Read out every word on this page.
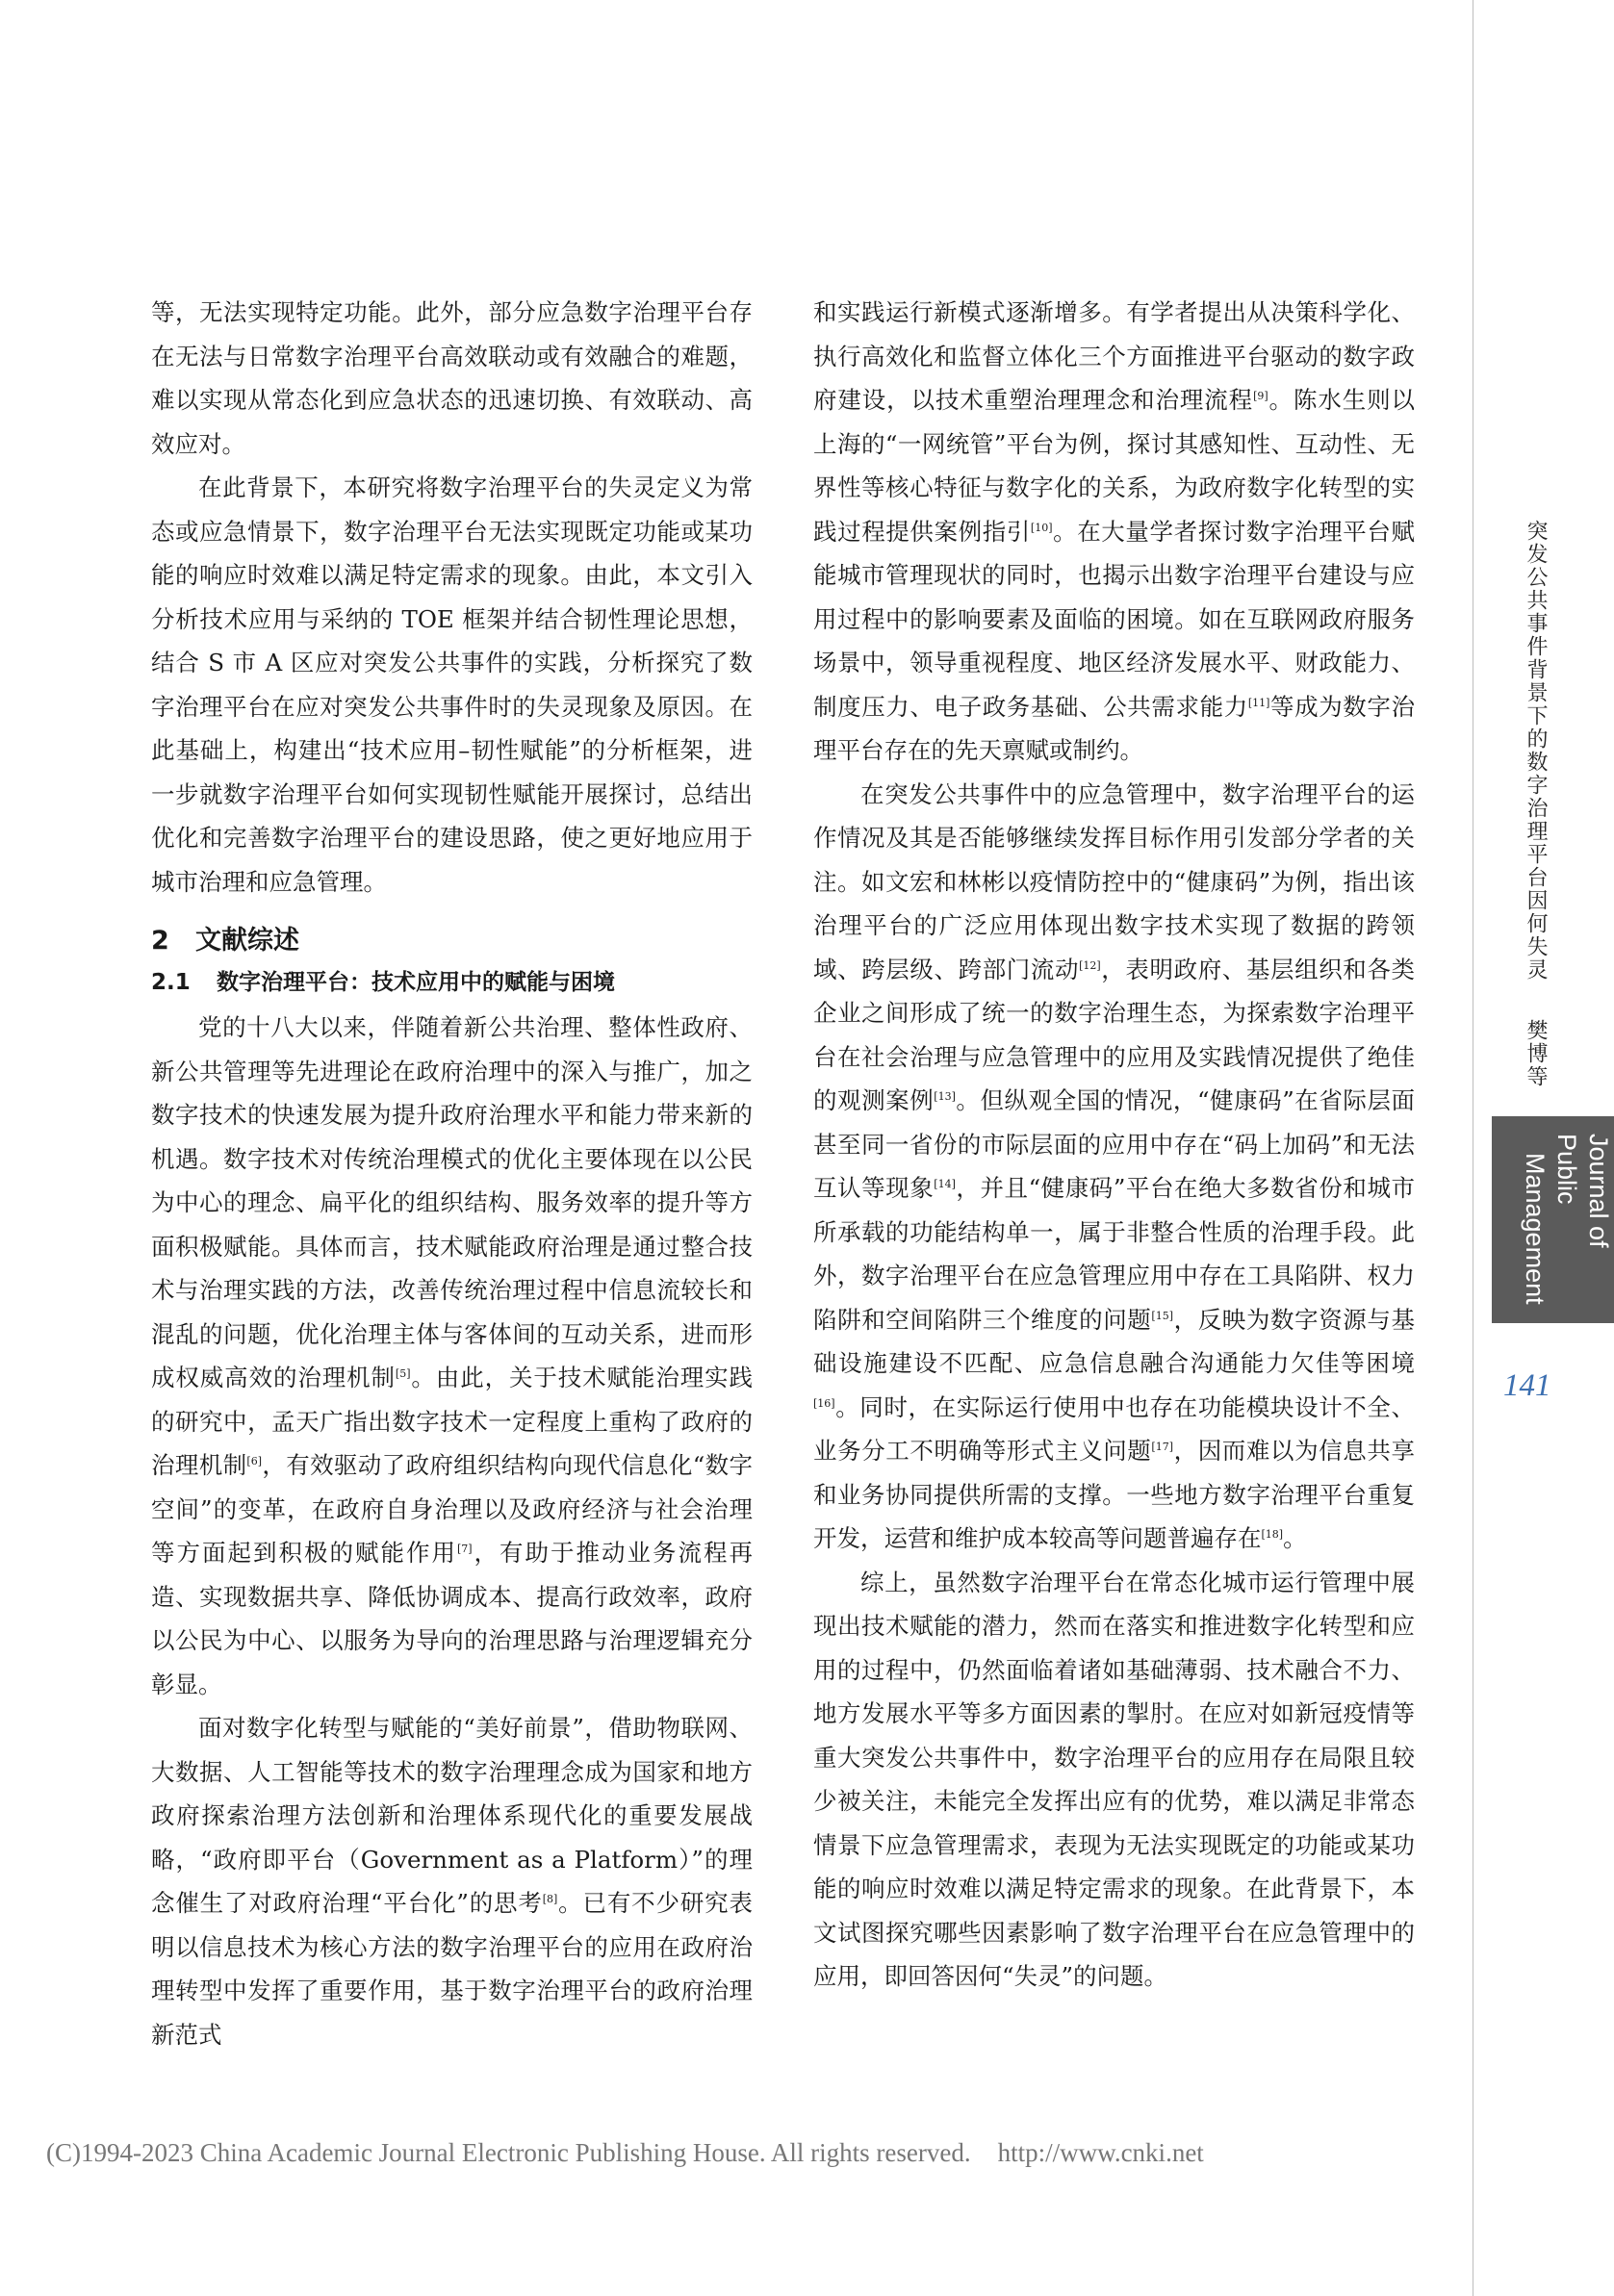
等，无法实现特定功能。此外，部分应急数字治理平台存在无法与日常数字治理平台高效联动或有效融合的难题，难以实现从常态化到应急状态的迅速切换、有效联动、高效应对。

在此背景下，本研究将数字治理平台的失灵定义为常态或应急情景下，数字治理平台无法实现既定功能或某功能的响应时效难以满足特定需求的现象。由此，本文引入分析技术应用与采纳的 TOE 框架并结合韧性理论思想，结合 S 市 A 区应对突发公共事件的实践，分析探究了数字治理平台在应对突发公共事件时的失灵现象及原因。在此基础上，构建出“技术应用–韧性赋能”的分析框架，进一步就数字治理平台如何实现韧性赋能开展探讨，总结出优化和完善数字治理平台的建设思路，使之更好地应用于城市治理和应急管理。

2 文献综述
2.1 数字治理平台：技术应用中的赋能与困境

党的十八大以来，伴随着新公共治理、整体性政府、新公共管理等先进理论在政府治理中的深入与推广，加之数字技术的快速发展为提升政府治理水平和能力带来新的机遇。数字技术对传统治理模式的优化主要体现在以公民为中心的理念、扁平化的组织结构、服务效率的提升等方面积极赋能。具体而言，技术赋能政府治理是通过整合技术与治理实践的方法，改善传统治理过程中信息流较长和混乱的问题，优化治理主体与客体间的互动关系，进而形成权威高效的治理机制[5]。由此，关于技术赋能治理实践的研究中，孟天广指出数字技术一定程度上重构了政府的治理机制[6]，有效驱动了政府组织结构向现代信息化“数字空间”的变革，在政府自身治理以及政府经济与社会治理等方面起到积极的赋能作用[7]，有助于推动业务流程再造、实现数据共享、降低协调成本、提高行政效率，政府以公民为中心、以服务为导向的治理思路与治理逻辑充分彰显。

面对数字化转型与赋能的“美好前景”，借助物联网、大数据、人工智能等技术的数字治理理念成为国家和地方政府探索治理方法创新和治理体系现代化的重要发展战略，“政府即平台（Government as a Platform）”的理念催生了对政府治理“平台化”的思考[8]。已有不少研究表明以信息技术为核心方法的数字治理平台的应用在政府治理转型中发挥了重要作用，基于数字治理平台的政府治理新范式

和实践运行新模式逐渐增多。有学者提出从决策科学化、执行高效化和监督立体化三个方面推进平台驱动的数字政府建设，以技术重塑治理理念和治理流程[9]。陈水生则以上海的“一网统管”平台为例，探讨其感知性、互动性、无界性等核心特征与数字化的关系，为政府数字化转型的实践过程提供案例指引[10]。在大量学者探讨数字治理平台赋能城市管理现状的同时，也揭示出数字治理平台建设与应用过程中的影响要素及面临的困境。如在互联网政府服务场景中，领导重视程度、地区经济发展水平、财政能力、制度压力、电子政务基础、公共需求能力[11]等成为数字治理平台存在的先天禀赋或制约。

在突发公共事件中的应急管理中，数字治理平台的运作情况及其是否能够继续发挥目标作用引发部分学者的关注。如文宏和林彬以疫情防控中的“健康码”为例，指出该治理平台的广泛应用体现出数字技术实现了数据的跨领域、跨层级、跨部门流动[12]，表明政府、基层组织和各类企业之间形成了统一的数字治理生态，为探索数字治理平台在社会治理与应急管理中的应用及实践情况提供了绝佳的观测案例[13]。但纵观全国的情况，“健康码”在省际层面甚至同一省份的市际层面的应用中存在“码上加码”和无法互认等现象[14]，并且“健康码”平台在绝大多数省份和城市所承载的功能结构单一，属于非整合性质的治理手段。此外，数字治理平台在应急管理应用中存在工具陷阱、权力陷阱和空间陷阱三个维度的问题[15]，反映为数字资源与基础设施建设不匹配、应急信息融合沟通能力欠佳等困境[16]。同时，在实际运行使用中也存在功能模块设计不全、业务分工不明确等形式主义问题[17]，因而难以为信息共享和业务协同提供所需的支撑。一些地方数字治理平台重复开发，运营和维护成本较高等问题普遍存在[18]。

综上，虽然数字治理平台在常态化城市运行管理中展现出技术赋能的潜力，然而在落实和推进数字化转型和应用的过程中，仍然面临着诸如基础薄弱、技术融合不力、地方发展水平等多方面因素的掣肘。在应对如新冠疫情等重大突发公共事件中，数字治理平台的应用存在局限且较少被关注，未能完全发挥出应有的优势，难以满足非常态情景下应急管理需求，表现为无法实现既定的功能或某功能的响应时效难以满足特定需求的现象。在此背景下，本文试图探究哪些因素影响了数字治理平台在应急管理中的应用，即回答因何“失灵”的问题。

突发公共事件背景下的数字治理平台因何失灵 樊博等
Journal of Public
Management
141
(C)1994-2023 China Academic Journal Electronic Publishing House. All rights reserved. http://www.cnki.net
